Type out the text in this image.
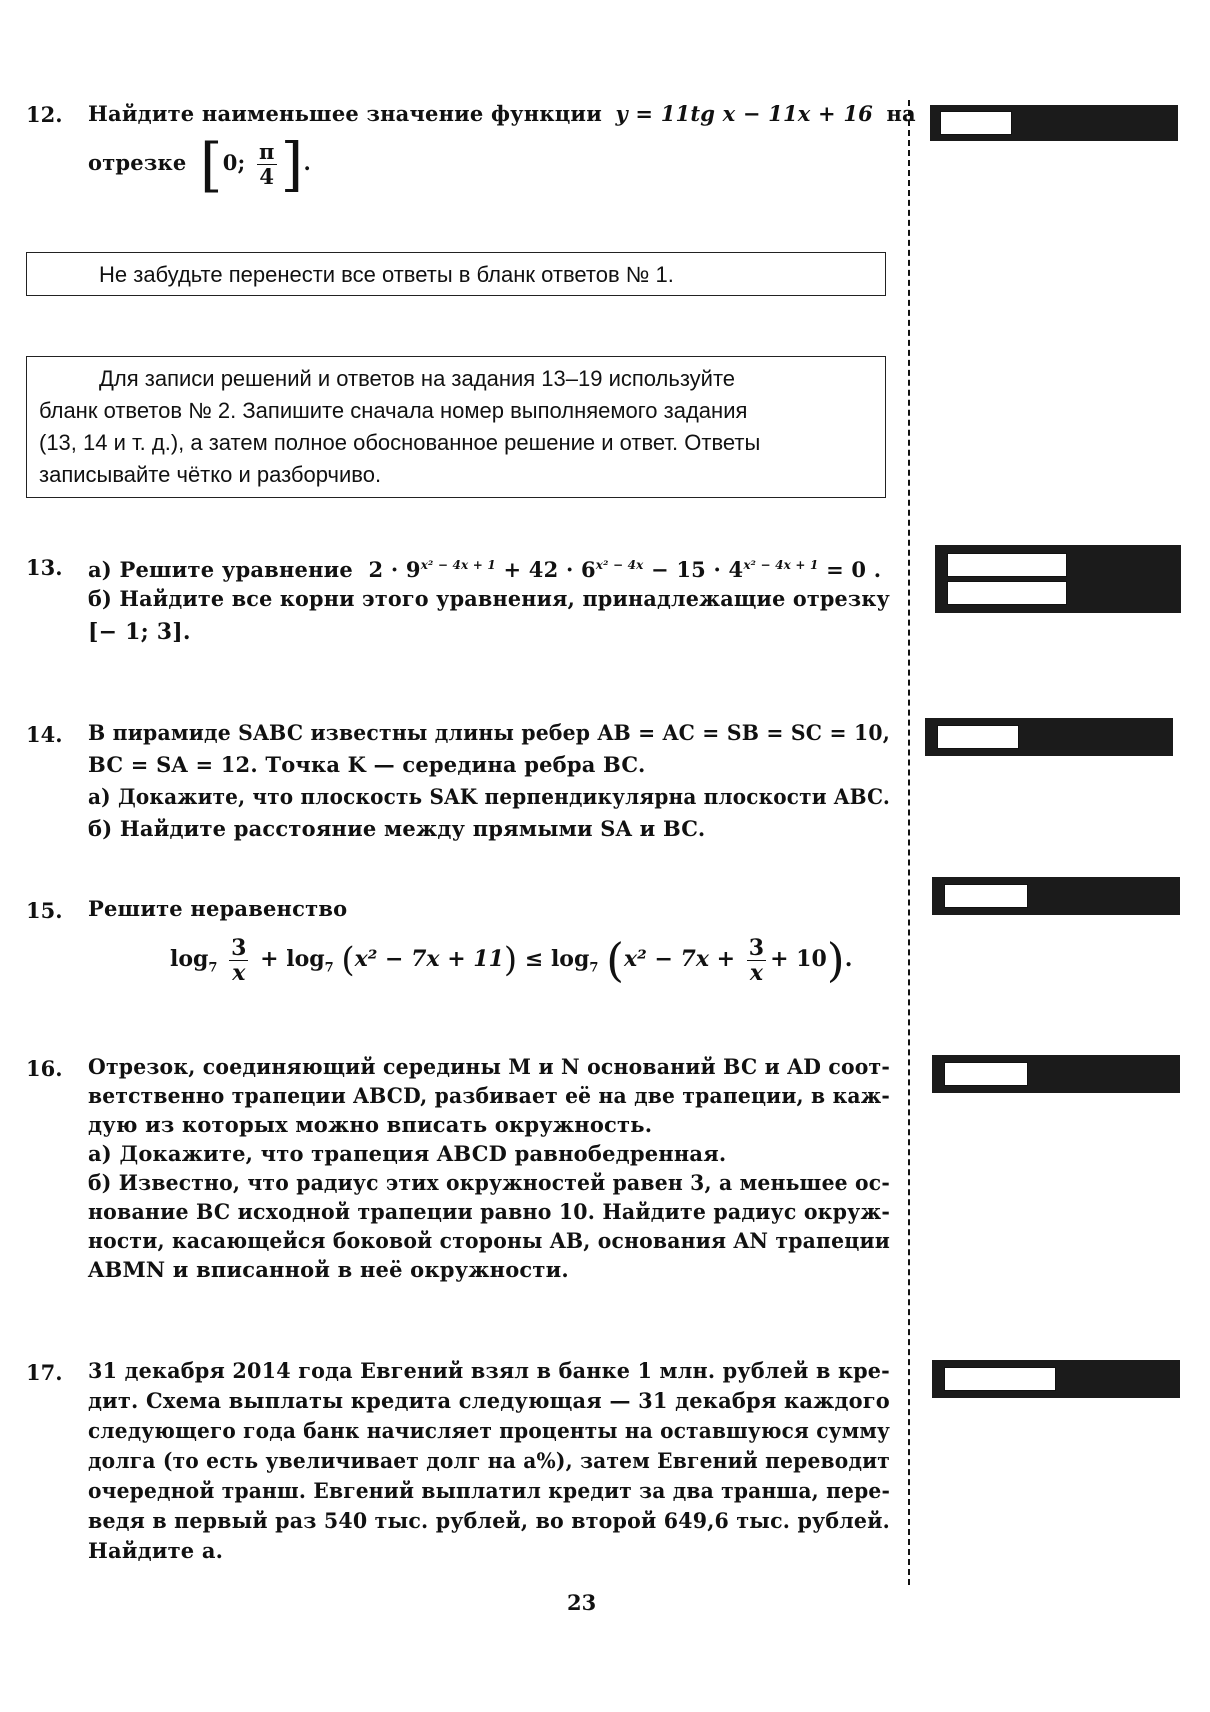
12. Найдите наименьшее значение функции y = 11tg x − 11x + 16 на
отрезке [0; $\frac{\pi}{4}$ ].
Не забудьте перенести все ответы в бланк ответов № 1.
Для записи решений и ответов на задания 13–19 используйте
бланк ответов № 2. Запишите сначала номер выполняемого задания
(13, 14 и т. д.), а затем полное обоснованное решение и ответ. Ответы
записывайте чётко и разборчиво.
13. а) Решите уравнение $2 \cdot 9^{x^2 - 4x + 1} + 42 \cdot 6^{x^2 - 4x} - 15 \cdot 4^{x^2 - 4x + 1} = 0$ .
б) Найдите все корни этого уравнения, принадлежащие отрезку
[− 1; 3].
14. В пирамиде SABC известны длины ребер AB = AC = SB = SC = 10,
BC = SA = 12. Точка K — середина ребра BC.
а) Докажите, что плоскость SAK перпендикулярна плоскости ABC.
б) Найдите расстояние между прямыми SA и BC.
15. Решите неравенство
$\log_7 \frac{3}{x} + \log_7 (x^2 - 7x + 11) \le \log_7 (x^2 - 7x + \frac{3}{x} + 10)$.
16. Отрезок, соединяющий середины M и N оснований BC и AD соот-
ветственно трапеции ABCD, разбивает её на две трапеции, в каж-
дую из которых можно вписать окружность.
а) Докажите, что трапеция ABCD равнобедренная.
б) Известно, что радиус этих окружностей равен 3, а меньшее ос-
нование BC исходной трапеции равно 10. Найдите радиус окруж-
ности, касающейся боковой стороны AB, основания AN трапеции
ABMN и вписанной в неё окружности.
17. 31 декабря 2014 года Евгений взял в банке 1 млн. рублей в кре-
дит. Схема выплаты кредита следующая — 31 декабря каждого
следующего года банк начисляет проценты на оставшуюся сумму
долга (то есть увеличивает долг на a%), затем Евгений переводит
очередной транш. Евгений выплатил кредит за два транша, пере-
ведя в первый раз 540 тыс. рублей, во второй 649,6 тыс. рублей.
Найдите a.
23
